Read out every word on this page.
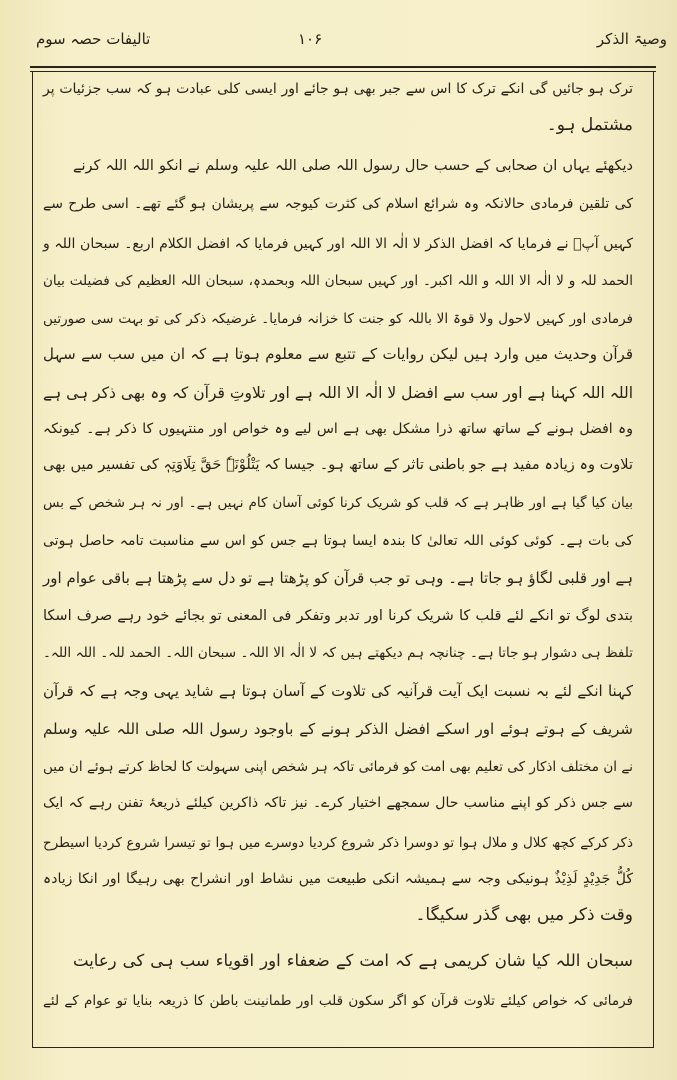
وصیۃ الذکر
۱۰۶
تالیفات حصہ سوم
ترک ہو جائیں گی انکے ترک کا اس سے جبر بھی ہو جائے اور ایسی کلی عبادت ہو کہ سب جزئیات پر
مشتمل ہو۔
دیکھئے یہاں ان صحابی کے حسب حال رسول اللہ صلی اللہ علیہ وسلم نے انکو اللہ اللہ کرنے
کی تلقین فرمادی حالانکہ وہ شرائع اسلام کی کثرت کیوجہ سے پریشان ہو گئے تھے۔ اسی طرح سے
کہیں آپؐ نے فرمایا کہ افضل الذکر لا الٰہ الا اللہ اور کہیں فرمایا کہ افضل الکلام اربع۔ سبحان اللہ و
الحمد للہ و لا الٰہ الا اللہ و اللہ اکبر۔ اور کہیں سبحان اللہ وبحمدہٖ، سبحان اللہ العظیم کی فضیلت بیان
فرمادی اور کہیں لاحول ولا قوۃ الا باللہ کو جنت کا خزانہ فرمایا۔ غرضیکہ ذکر کی تو بہت سی صورتیں
قرآن وحدیث میں وارد ہیں لیکن روایات کے تتبع سے معلوم ہوتا ہے کہ ان میں سب سے سہل
اللہ اللہ کہنا ہے اور سب سے افضل لا الٰہ الا اللہ ہے اور تلاوتِ قرآن کہ وہ بھی ذکر ہی ہے
وہ افضل ہونے کے ساتھ ساتھ ذرا مشکل بھی ہے اس لیے وہ خواص اور منتہیوں کا ذکر ہے۔ کیونکہ
تلاوت وہ زیادہ مفید ہے جو باطنی تاثر کے ساتھ ہو۔ جیسا کہ یَتْلُوْنَہٗ حَقَّ تِلَاوَتِہٖ کی تفسیر میں بھی
بیان کیا گیا ہے اور ظاہر ہے کہ قلب کو شریک کرنا کوئی آسان کام نہیں ہے۔ اور نہ ہر شخص کے بس
کی بات ہے۔ کوئی کوئی اللہ تعالیٰ کا بندہ ایسا ہوتا ہے جس کو اس سے مناسبت تامہ حاصل ہوتی
ہے اور قلبی لگاؤ ہو جاتا ہے۔ وہی تو جب قرآن کو پڑھتا ہے تو دل سے پڑھتا ہے باقی عوام اور
بتدی لوگ تو انکے لئے قلب کا شریک کرنا اور تدبر وتفکر فی المعنی تو بجائے خود رہے صرف اسکا
تلفظ ہی دشوار ہو جاتا ہے۔ چنانچہ ہم دیکھتے ہیں کہ لا الٰہ الا اللہ۔ سبحان اللہ۔ الحمد للہ۔ اللہ اللہ۔
کہنا انکے لئے بہ نسبت ایک آیت قرآنیہ کی تلاوت کے آسان ہوتا ہے شاید یہی وجہ ہے کہ قرآن
شریف کے ہوتے ہوئے اور اسکے افضل الذکر ہونے کے باوجود رسول اللہ صلی اللہ علیہ وسلم
نے ان مختلف اذکار کی تعلیم بھی امت کو فرمائی تاکہ ہر شخص اپنی سہولت کا لحاظ کرتے ہوئے ان میں
سے جس ذکر کو اپنے مناسب حال سمجھے اختیار کرے۔ نیز تاکہ ذاکرین کیلئے ذریعۂ تفنن رہے کہ ایک
ذکر کرکے کچھ کلال و ملال ہوا تو دوسرا ذکر شروع کردیا دوسرے میں ہوا تو تیسرا شروع کردیا اسیطرح
کُلُّ جَدِیْدٍ لَذِیْذٌ ہونیکی وجہ سے ہمیشہ انکی طبیعت میں نشاط اور انشراح بھی رہیگا اور انکا زیادہ
وقت ذکر میں بھی گذر سکیگا۔
سبحان اللہ کیا شان کریمی ہے کہ امت کے ضعفاء اور اقویاء سب ہی کی رعایت
فرمائی کہ خواص کیلئے تلاوت قرآن کو اگر سکون قلب اور طمانینت باطن کا ذریعہ بنایا تو عوام کے لئے
